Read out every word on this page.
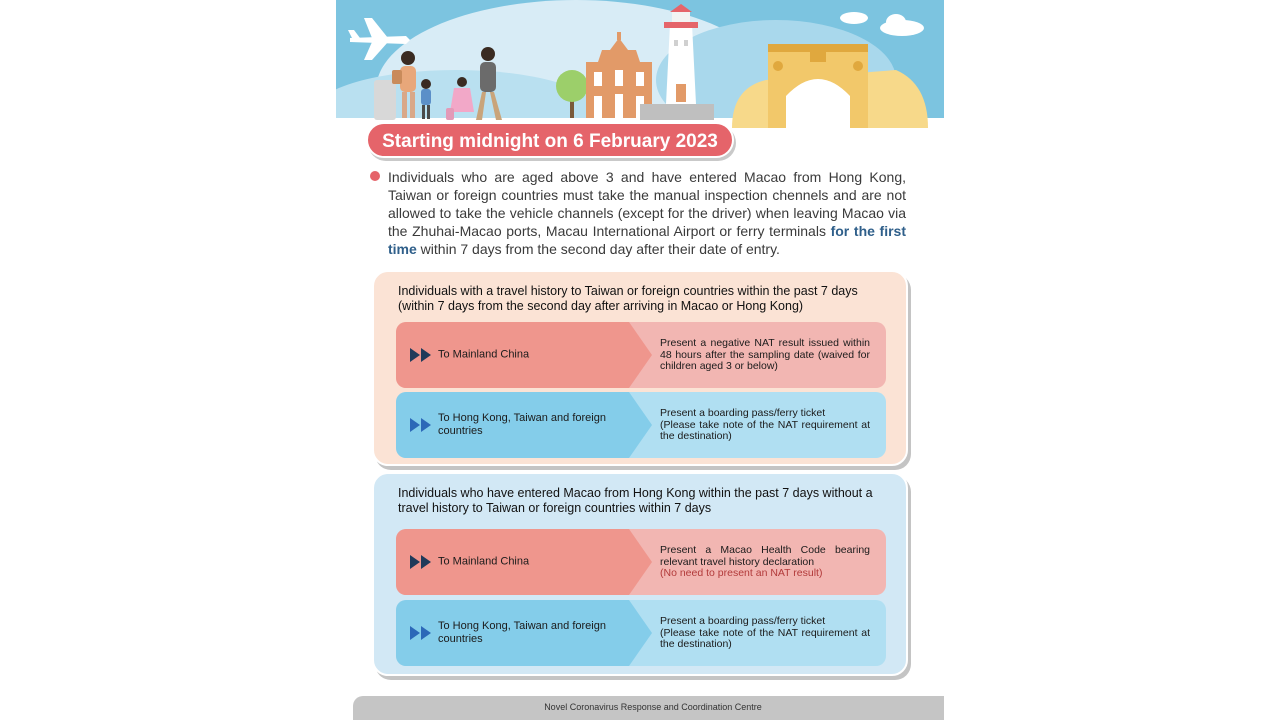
Starting midnight on 6 February 2023

Individuals who are aged above 3 and have entered Macao from Hong Kong, Taiwan or foreign countries must take the manual inspection chennels and are not allowed to take the vehicle channels (except for the driver) when leaving Macao via the Zhuhai-Macao ports, Macau International Airport or ferry terminals for the first time within 7 days from the second day after their date of entry.

Individuals with a travel history to Taiwan or foreign countries within the past 7 days (within 7 days from the second day after arriving in Macao or Hong Kong)
To Mainland China
Present a negative NAT result issued within 48 hours after the sampling date (waived for children aged 3 or below)
To Hong Kong, Taiwan and foreign countries
Present a boarding pass/ferry ticket
(Please take note of the NAT requirement at the destination)
Individuals who have entered Macao from Hong Kong within the past 7 days without a travel history to Taiwan or foreign countries within 7 days
To Mainland China
Present a Macao Health Code bearing relevant travel history declaration
(No need to present an NAT result)
To Hong Kong, Taiwan and foreign countries
Present a boarding pass/ferry ticket
(Please take note of the NAT requirement at the destination)
Novel Coronavirus Response and Coordination Centre
